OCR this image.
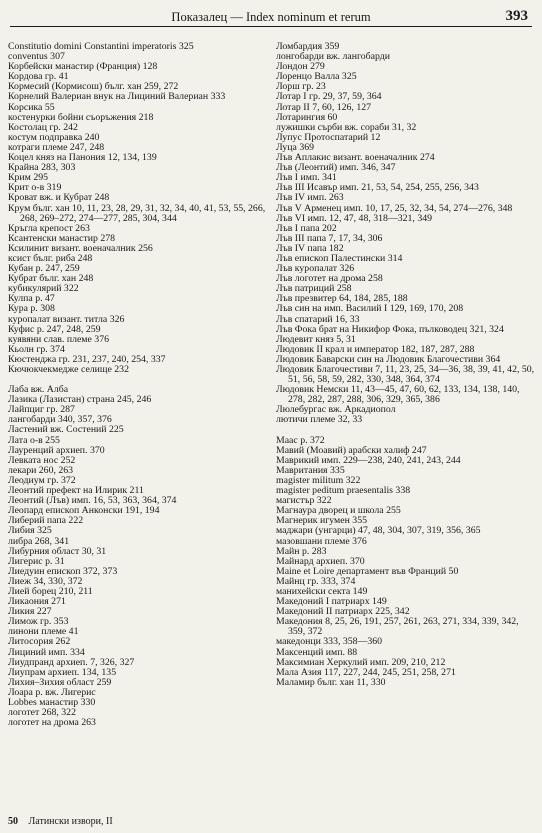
Показалец — Index nominum et rerum	393
Constitutio domini Constantini imperatoris 325
conventus 307
Корбейски манастир (Франция) 128
Кордова гр. 41
Кормесий (Кормисош) бълг. хан 259, 272
Корнелий Валериан внук на Лициний Валериан 333
Корсика 55
костенурки бойни съоръжения 218
Костолац гр. 242
костум подправка 240
котраги племе 247, 248
Коцел княз на Панония 12, 134, 139
Крайна 283, 303
Крим 295
Крит о-в 319
Кроват вж. и Кубрат 248
Крум бълг. хан 10, 11, 23, 28, 29, 31, 32, 34, 40, 41, 53, 55, 266, 268, 269–272, 274—277, 285, 304, 344
Кръгла крепост 263
Ксантенски манастир 278
Ксилинит визант. военачалник 256
ксист бълг. риба 248
Кубан р. 247, 259
Кубрат бълг. хан 248
кубикулярий 322
Кулпа р. 47
Кура р. 308
куропалат визант. титла 326
Куфис р. 247, 248, 259
куявяни слав. племе 376
Кьолн гр. 374
Кюстенджа гр. 231, 237, 240, 254, 337
Кючюкчекмедже селище 232
Лаба вж. Алба
Лазика (Лазистан) страна 245, 246
Лайпциг гр. 287
лангобарди 340, 357, 376
Ластений вж. Состений 225
Лата о-в 255
Лауренций архиеп. 370
Левката нос 252
лекари 260, 263
Леодиум гр. 372
Леонтий префект на Илирик 211
Леонтий (Лъв) имп. 16, 53, 363, 364, 374
Леопард епископ Анконски 191, 194
Либерий папа 222
Либия 325
либра 268, 341
Либурния област 30, 31
Лигерис р. 31
Лиедуин епископ 372, 373
Лиеж 34, 330, 372
Лией борец 210, 211
Ликаония 271
Ликия 227
Лимож гр. 353
линони племе 41
Литосория 262
Лициний имп. 334
Лиудпранд архиеп. 7, 326, 327
Лиупрам архиеп. 134, 135
Лихия–Зихия област 259
Лоара р. вж. Лигерис
Lobbes манастир 330
логотет 268, 322
логотет на дрома 263
Ломбардия 359
лонгобарди вж. лангобарди
Лондон 279
Лоренцо Валла 325
Лорш гр. 23
Лотар I гр. 29, 37, 59, 364
Лотар II 7, 60, 126, 127
Лотарингия 60
лужишки сърби вж. сораби 31, 32
Лупус Протоспатарий 12
Луца 369
Лъв Аплакис визант. военачалник 274
Лъв (Леонтий) имп. 346, 347
Лъв I имп. 341
Лъв III Исавър имп. 21, 53, 54, 254, 255, 256, 343
Лъв IV имп. 263
Лъв V Арменец имп. 10, 17, 25, 32, 34, 54, 274—276, 348
Лъв VI имп. 12, 47, 48, 318—321, 349
Лъв I папа 202
Лъв III папа 7, 17, 34, 306
Лъв IV папа 182
Лъв епископ Палестински 314
Лъв куропалат 326
Лъв логотет на дрома 258
Лъв патриций 258
Лъв презвитер 64, 184, 285, 188
Лъв син на имп. Василий I 129, 169, 170, 208
Лъв спатарий 16, 33
Лъв Фока брат на Никифор Фока, пълководец 321, 324
Людевит княз 5, 31
Людовик II крал и император 182, 187, 287, 288
Людовик Баварски син на Людовик Благочестиви 364
Людовик Благочестиви 7, 11, 23, 25, 34—36, 38, 39, 41, 42, 50, 51, 56, 58, 59, 282, 330, 348, 364, 374
Людовик Немски 11, 43—45, 47, 60, 62, 133, 134, 138, 140, 278, 282, 287, 288, 306, 329, 365, 386
Люлебургас вж. Аркадиопол
лютичи племе 32, 33
Маас р. 372
Мавий (Моавий) арабски халиф 247
Маврикий имп. 229—238, 240, 241, 243, 244
Мавритания 335
magister militum 322
magister peditum praesentalis 338
магистър 322
Магнаура дворец и школа 255
Магнерик игумен 355
маджари (унгарци) 47, 48, 304, 307, 319, 356, 365
мазовшани племе 376
Майн р. 283
Майнард архиеп. 370
Maine et Loire департамент във Франций 50
Майнц гр. 333, 374
манихейски секта 149
Македоний I патриарх 149
Македоний II патриарх 225, 342
Македония 8, 25, 26, 191, 257, 261, 263, 271, 334, 339, 342, 359, 372
македонци 333, 358—360
Максенций имп. 88
Максимиан Херкулий имп. 209, 210, 212
Мала Азия 117, 227, 244, 245, 251, 258, 271
Маламир бълг. хан 11, 330
50 Латински извори, II
